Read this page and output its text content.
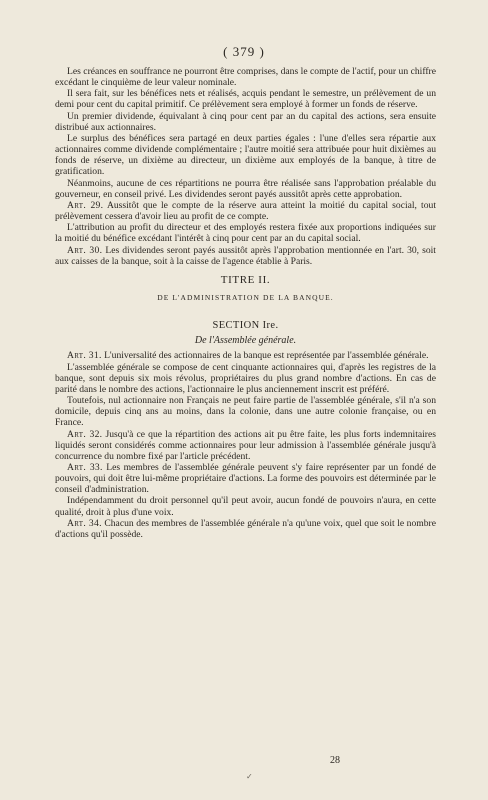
( 379 )

Les créances en souffrance ne pourront être comprises, dans le compte de l'actif, pour un chiffre excédant le cinquième de leur valeur nominale.

Il sera fait, sur les bénéfices nets et réalisés, acquis pendant le semestre, un prélèvement de un demi pour cent du capital primitif. Ce prélèvement sera employé à former un fonds de réserve.

Un premier dividende, équivalant à cinq pour cent par an du capital des actions, sera ensuite distribué aux actionnaires.

Le surplus des bénéfices sera partagé en deux parties égales : l'une d'elles sera répartie aux actionnaires comme dividende complémentaire ; l'autre moitié sera attribuée pour huit dixièmes au fonds de réserve, un dixième au directeur, un dixième aux employés de la banque, à titre de gratification.

Néanmoins, aucune de ces répartitions ne pourra être réalisée sans l'approbation préalable du gouverneur, en conseil privé. Les dividendes seront payés aussitôt après cette approbation.

Art. 29. Aussitôt que le compte de la réserve aura atteint la moitié du capital social, tout prélèvement cessera d'avoir lieu au profit de ce compte.

L'attribution au profit du directeur et des employés restera fixée aux proportions indiquées sur la moitié du bénéfice excédant l'intérêt à cinq pour cent par an du capital social.

Art. 30. Les dividendes seront payés aussitôt après l'approbation mentionnée en l'art. 30, soit aux caisses de la banque, soit à la caisse de l'agence établie à Paris.

TITRE II.

DE L'ADMINISTRATION DE LA BANQUE.

SECTION Ire.

De l'Assemblée générale.

Art. 31. L'universalité des actionnaires de la banque est représentée par l'assemblée générale.

L'assemblée générale se compose de cent cinquante actionnaires qui, d'après les registres de la banque, sont depuis six mois révolus, propriétaires du plus grand nombre d'actions. En cas de parité dans le nombre des actions, l'actionnaire le plus anciennement inscrit est préféré.

Toutefois, nul actionnaire non Français ne peut faire partie de l'assemblée générale, s'il n'a son domicile, depuis cinq ans au moins, dans la colonie, dans une autre colonie française, ou en France.

Art. 32. Jusqu'à ce que la répartition des actions ait pu être faite, les plus forts indemnitaires liquidés seront considérés comme actionnaires pour leur admission à l'assemblée générale jusqu'à concurrence du nombre fixé par l'article précédent.

Art. 33. Les membres de l'assemblée générale peuvent s'y faire représenter par un fondé de pouvoirs, qui doit être lui-même propriétaire d'actions. La forme des pouvoirs est déterminée par le conseil d'administration.

Indépendamment du droit personnel qu'il peut avoir, aucun fondé de pouvoirs n'aura, en cette qualité, droit à plus d'une voix.

Art. 34. Chacun des membres de l'assemblée générale n'a qu'une voix, quel que soit le nombre d'actions qu'il possède.

28
✓
